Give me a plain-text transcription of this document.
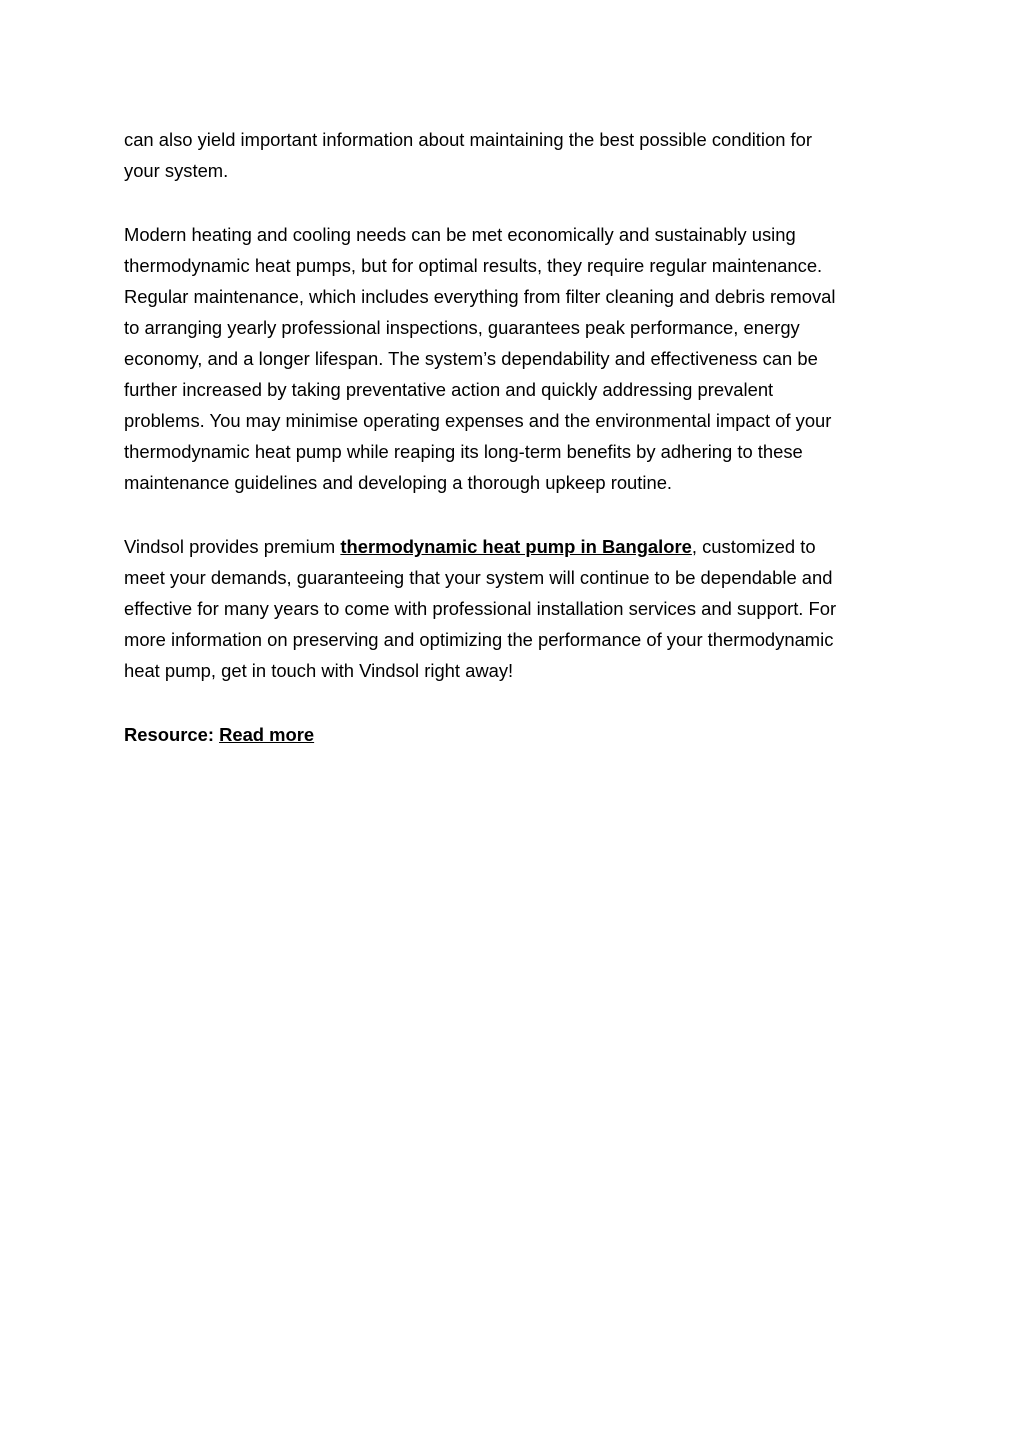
can also yield important information about maintaining the best possible condition for
your system.
Modern heating and cooling needs can be met economically and sustainably using
thermodynamic heat pumps, but for optimal results, they require regular maintenance.
Regular maintenance, which includes everything from filter cleaning and debris removal
to arranging yearly professional inspections, guarantees peak performance, energy
economy, and a longer lifespan. The system’s dependability and effectiveness can be
further increased by taking preventative action and quickly addressing prevalent
problems. You may minimise operating expenses and the environmental impact of your
thermodynamic heat pump while reaping its long-term benefits by adhering to these
maintenance guidelines and developing a thorough upkeep routine.
Vindsol provides premium thermodynamic heat pump in Bangalore, customized to
meet your demands, guaranteeing that your system will continue to be dependable and
effective for many years to come with professional installation services and support. For
more information on preserving and optimizing the performance of your thermodynamic
heat pump, get in touch with Vindsol right away!
Resource: Read more
